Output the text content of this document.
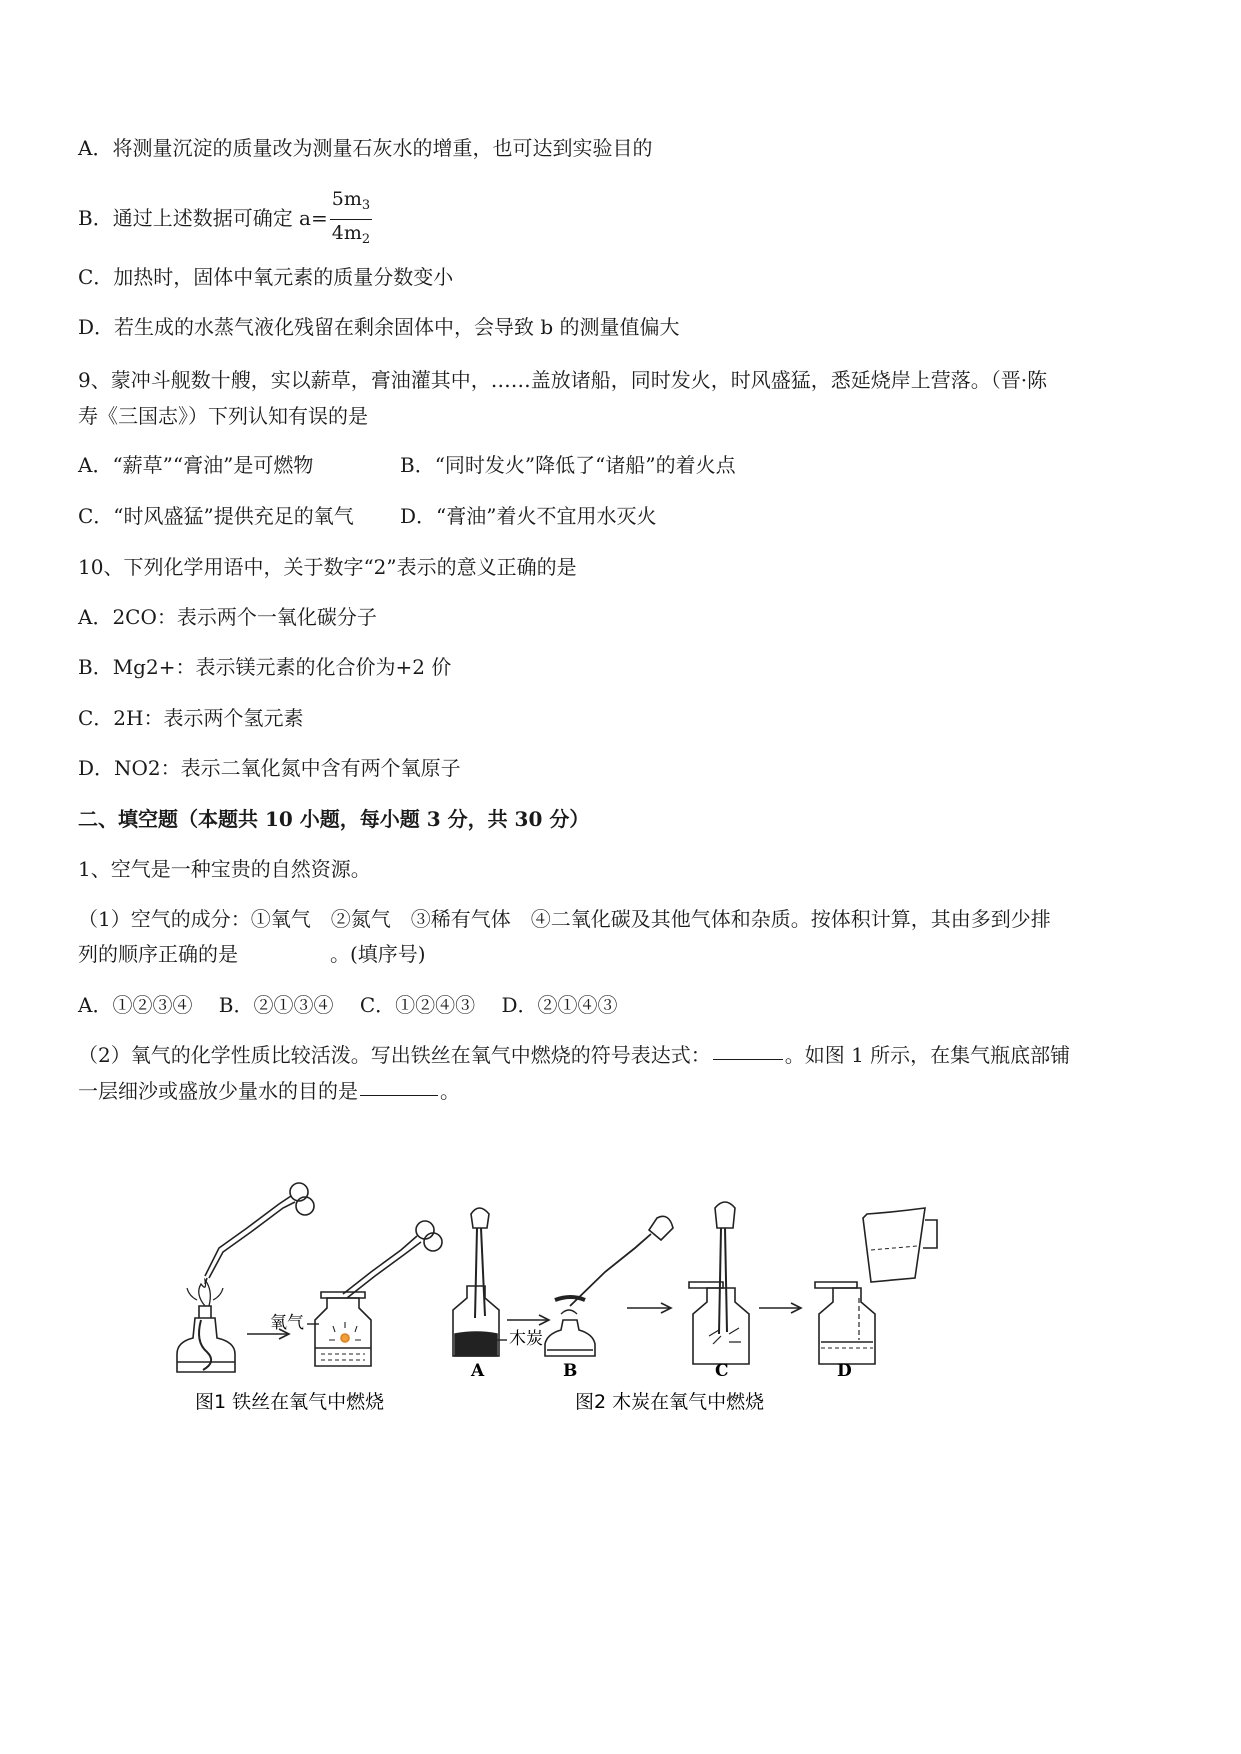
A．将测量沉淀的质量改为测量石灰水的增重，也可达到实验目的
B．通过上述数据可确定 $a= \frac{5m_3}{4m_2}$
C．加热时，固体中氧元素的质量分数变小
D．若生成的水蒸气液化残留在剩余固体中，会导致 b 的测量值偏大
9、蒙冲斗舰数十艘，实以薪草，膏油灌其中，……盖放诸船，同时发火，时风盛猛，悉延烧岸上营落。（晋·陈
寿《三国志》）下列认知有误的是
A．“薪草”“膏油”是可燃物	B．“同时发火”降低了“诸船”的着火点
C．“时风盛猛”提供充足的氧气 D．“膏油”着火不宜用水灭火
10、下列化学用语中，关于数字“2”表示的意义正确的是
A．2CO：表示两个一氧化碳分子
B．Mg2+：表示镁元素的化合价为+2 价
C．2H：表示两个氢元素
D．NO2：表示二氧化氮中含有两个氧原子
二、填空题（本题共 10 小题，每小题 3 分，共 30 分）
1、空气是一种宝贵的自然资源。
（1）空气的成分：①氧气　②氮气　③稀有气体　④二氧化碳及其他气体和杂质。按体积计算，其由多到少排
列的顺序正确的是	。(填序号)
A．①②③④　 B．②①③④　 C．①②④③　 D．②①④③
（2）氧气的化学性质比较活泼。写出铁丝在氧气中燃烧的符号表达式：	。如图 1 所示，在集气瓶底部铺
一层细沙或盛放少量水的目的是	。
氧气
木炭
A	B	C	D
图1 铁丝在氧气中燃烧	图2 木炭在氧气中燃烧
